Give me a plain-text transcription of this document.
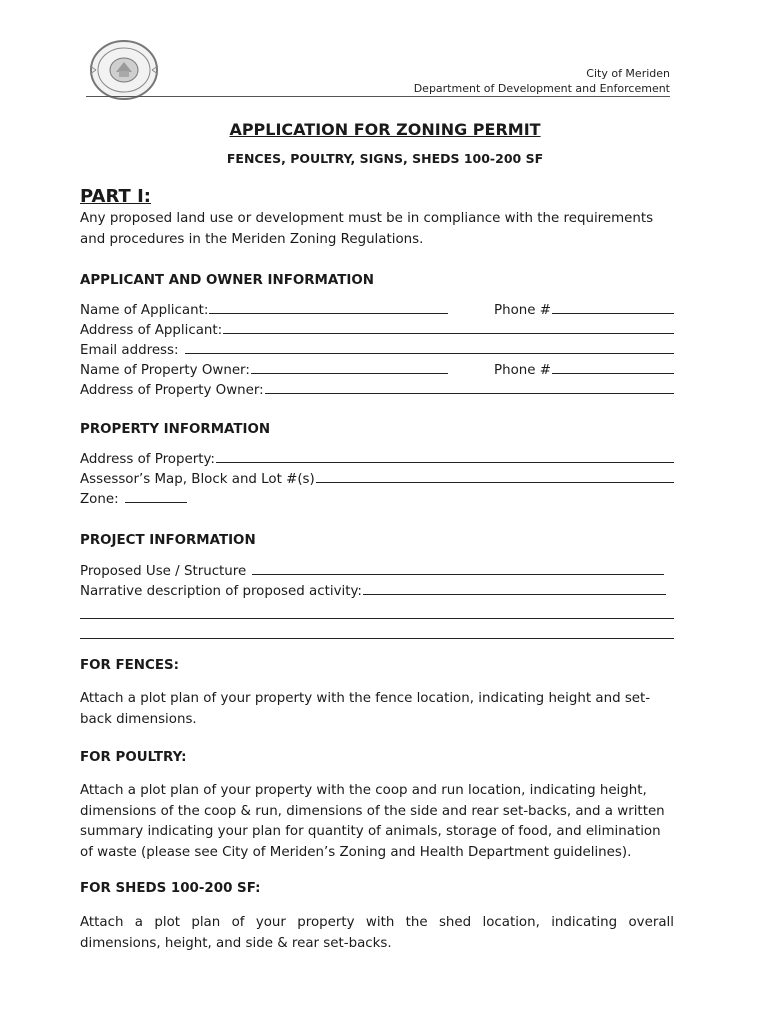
City of Meriden
Department of Development and Enforcement
APPLICATION FOR ZONING PERMIT
FENCES, POULTRY, SIGNS, SHEDS 100-200 SF
PART I:

Any proposed land use or development must be in compliance with the requirements

and procedures in the Meriden Zoning Regulations.

APPLICANT AND OWNER INFORMATION
Name of Applicant:	Phone #
Address of Applicant:
Email address:
Name of Property Owner:	Phone #
Address of Property Owner:
PROPERTY INFORMATION
Address of Property:
Assessor’s Map, Block and Lot #(s)
Zone:
PROJECT INFORMATION
Proposed Use / Structure
Narrative description of proposed activity:
FOR FENCES:

Attach a plot plan of your property with the fence location, indicating height and set-

back dimensions.

FOR POULTRY:

Attach a plot plan of your property with the coop and run location, indicating height,

dimensions of the coop & run, dimensions of the side and rear set-backs, and a written

summary indicating your plan for quantity of animals, storage of food, and elimination

of waste (please see City of Meriden’s Zoning and Health Department guidelines).

FOR SHEDS 100-200 SF:

Attach a plot plan of your property with the shed location, indicating overall

dimensions, height, and side & rear set-backs.
